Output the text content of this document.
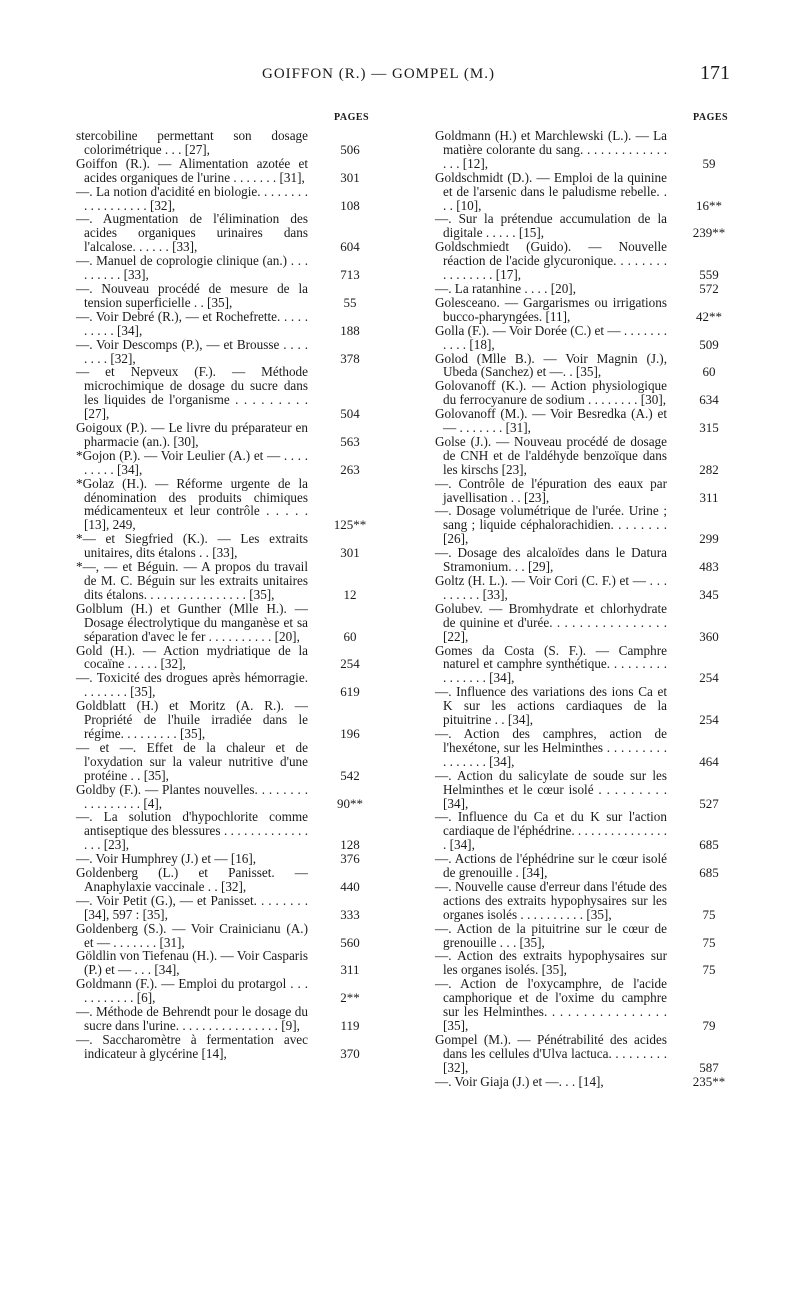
GOIFFON (R.) — GOMPEL (M.)	171
PAGES
stercobiline permettant son dosage colorimétrique . . . [27],	506
Goiffon (R.). — Alimentation azotée et acides organiques de l'urine . . . . . . . [31],	301
—. La notion d'acidité en biologie. . . . . . . . . . . . . . . . . . [32],	108
—. Augmentation de l'élimination des acides organiques urinaires dans l'alcalose. . . . . . [33],	604
—. Manuel de coprologie clinique (an.) . . . . . . . . . [33],	713
—. Nouveau procédé de mesure de la tension superficielle . . [35],	55
—. Voir Debré (R.), — et Rochefrette. . . . . . . . . . [34],	188
—. Voir Descomps (P.), — et Brousse . . . . . . . . [32],	378
— et Nepveux (F.). — Méthode microchimique de dosage du sucre dans les liquides de l'organisme . . . . . . . . . [27],	504
Goigoux (P.). — Le livre du préparateur en pharmacie (an.). [30],	563
*Gojon (P.). — Voir Leulier (A.) et — . . . . . . . . . [34],	263
*Golaz (H.). — Réforme urgente de la dénomination des produits chimiques médicamenteux et leur contrôle . . . . . [13], 249,	125**
*— et Siegfried (K.). — Les extraits unitaires, dits étalons . . [33],	301
*—, — et Béguin. — A propos du travail de M. C. Béguin sur les extraits unitaires dits étalons. . . . . . . . . . . . . . . . [35],	12
Golblum (H.) et Gunther (Mlle H.). — Dosage électrolytique du manganèse et sa séparation d'avec le fer . . . . . . . . . . [20],	60
Gold (H.). — Action mydriatique de la cocaïne . . . . . [32],	254
—. Toxicité des drogues après hémorragie. . . . . . . . [35],	619
Goldblatt (H.) et Moritz (A. R.). — Propriété de l'huile irradiée dans le régime. . . . . . . . . [35],	196
— et —. Effet de la chaleur et de l'oxydation sur la valeur nutritive d'une protéine . . [35],	542
Goldby (F.). — Plantes nouvelles. . . . . . . . . . . . . . . . . [4],	90**
—. La solution d'hypochlorite comme antiseptique des blessures . . . . . . . . . . . . . . . . [23],	128
—. Voir Humphrey (J.) et — [16],	376
Goldenberg (L.) et Panisset. — Anaphylaxie vaccinale . . [32],	440
—. Voir Petit (G.), — et Panisset. . . . . . . . [34], 597 : [35],	333
Goldenberg (S.). — Voir Crainicianu (A.) et — . . . . . . . [31],	560
Göldlin von Tiefenau (H.). — Voir Casparis (P.) et — . . . [34],	311
Goldmann (F.). — Emploi du protargol . . . . . . . . . . . [6],	2**
—. Méthode de Behrendt pour le dosage du sucre dans l'urine. . . . . . . . . . . . . . . . [9],	119
—. Saccharomètre à fermentation avec indicateur à glycérine [14],	370
PAGES
Goldmann (H.) et Marchlewski (L.). — La matière colorante du sang. . . . . . . . . . . . . . . . [12],	59
Goldschmidt (D.). — Emploi de la quinine et de l'arsenic dans le paludisme rebelle. . . . [10],	16**
—. Sur la prétendue accumulation de la digitale . . . . . [15],	239**
Goldschmiedt (Guido). — Nouvelle réaction de l'acide glycuronique. . . . . . . . . . . . . . . . [17],	559
—. La ratanhine . . . . [20],	572
Golesceano. — Gargarismes ou irrigations bucco-pharyngées. [11],	42**
Golla (F.). — Voir Dorée (C.) et — . . . . . . . . . . . [18],	509
Golod (Mlle B.). — Voir Magnin (J.), Ubeda (Sanchez) et —. . [35],	60
Golovanoff (K.). — Action physiologique du ferrocyanure de sodium . . . . . . . . [30],	634
Golovanoff (M.). — Voir Besredka (A.) et — . . . . . . . [31],	315
Golse (J.). — Nouveau procédé de dosage de CNH et de l'aldéhyde benzoïque dans les kirschs [23],	282
—. Contrôle de l'épuration des eaux par javellisation . . [23],	311
—. Dosage volumétrique de l'urée. Urine ; sang ; liquide céphalorachidien. . . . . . . . [26],	299
—. Dosage des alcaloïdes dans le Datura Stramonium. . . [29],	483
Goltz (H. L.). — Voir Cori (C. F.) et — . . . . . . . . . [33],	345
Golubev. — Bromhydrate et chlorhydrate de quinine et d'urée. . . . . . . . . . . . . . . . [22],	360
Gomes da Costa (S. F.). — Camphre naturel et camphre synthétique. . . . . . . . . . . . . . . . [34],	254
—. Influence des variations des ions Ca et K sur les actions cardiaques de la pituitrine . . [34],	254
—. Action des camphres, action de l'hexétone, sur les Helminthes . . . . . . . . . . . . . . . . [34],	464
—. Action du salicylate de soude sur les Helminthes et le cœur isolé . . . . . . . . . [34],	527
—. Influence du Ca et du K sur l'action cardiaque de l'éphédrine. . . . . . . . . . . . . . . . [34],	685
—. Actions de l'éphédrine sur le cœur isolé de grenouille . [34],	685
—. Nouvelle cause d'erreur dans l'étude des actions des extraits hypophysaires sur les organes isolés . . . . . . . . . . [35],	75
—. Action de la pituitrine sur le cœur de grenouille . . . [35],	75
—. Action des extraits hypophysaires sur les organes isolés. [35],	75
—. Action de l'oxycamphre, de l'acide camphorique et de l'oxime du camphre sur les Helminthes. . . . . . . . . . . . . . . . [35],	79
Gompel (M.). — Pénétrabilité des acides dans les cellules d'Ulva lactuca. . . . . . . . . [32],	587
—. Voir Giaja (J.) et —. . . [14],	235**
